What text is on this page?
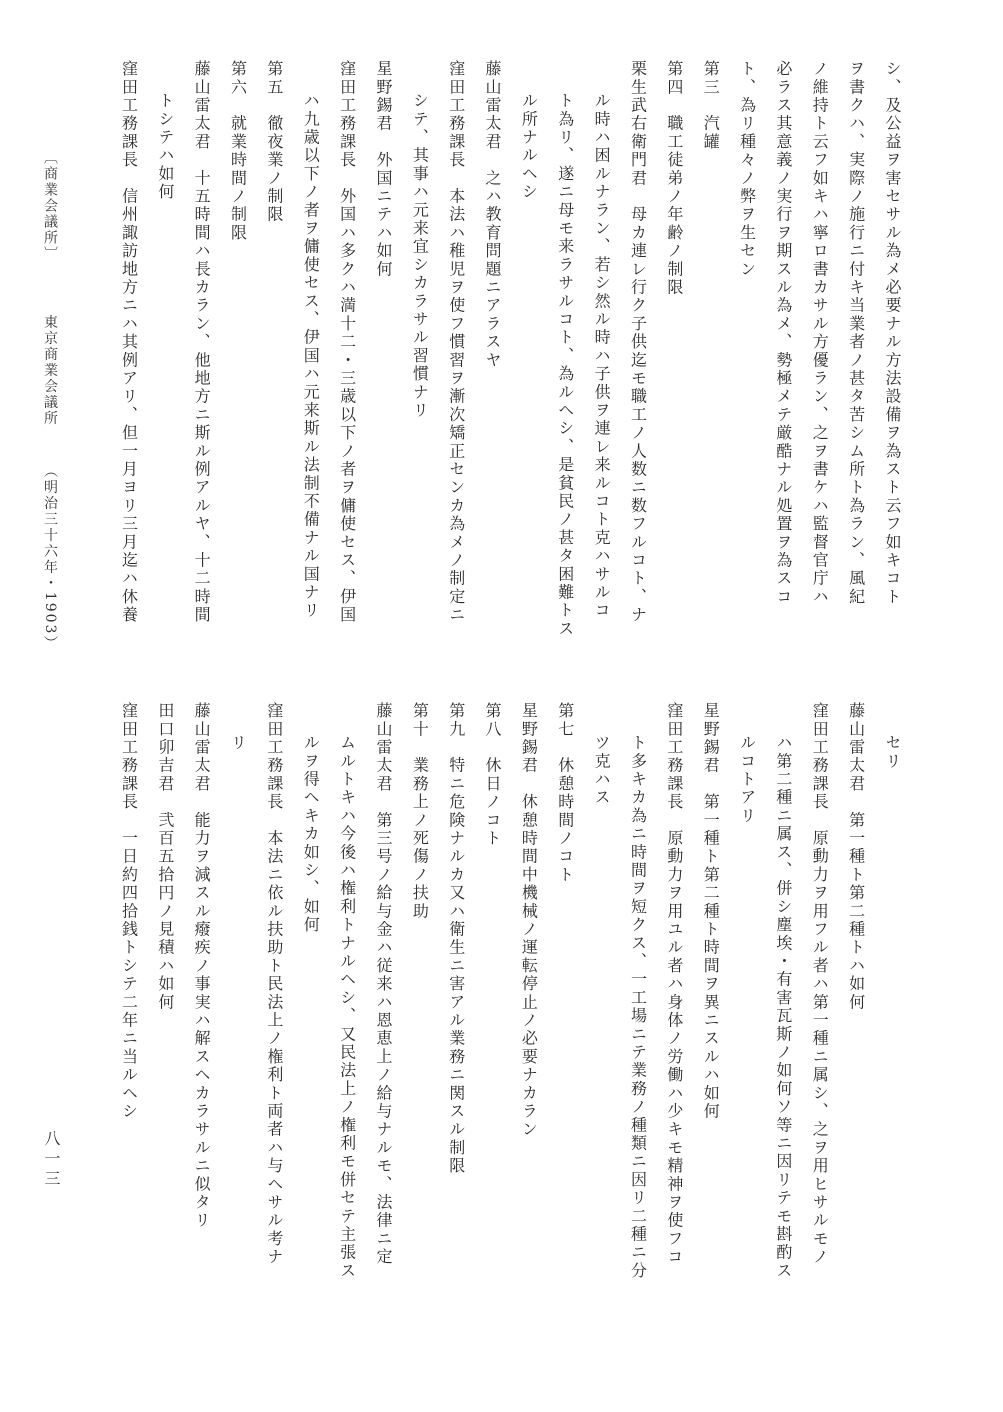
シ、及公益ヲ害セサル為メ必要ナル方法設備ヲ為スト云フ如キコト
ヲ書クハ、実際ノ施行ニ付キ当業者ノ甚タ苦シム所ト為ラン、風紀
ノ維持ト云フ如キハ寧ロ書カサル方優ラン、之ヲ書ケハ監督官庁ハ
必ラス其意義ノ実行ヲ期スル為メ、勢極メテ厳酷ナル処置ヲ為スコ
ト、為リ種々ノ弊ヲ生セン
第三　汽罐
第四　職工徒弟ノ年齢ノ制限
栗生武右衛門君　母カ連レ行ク子供迄モ職工ノ人数ニ数フルコト、ナ
ル時ハ困ルナラン、若シ然ル時ハ子供ヲ連レ来ルコト克ハサルコ
ト為リ、遂ニ母モ来ラサルコト、為ルヘシ、是貧民ノ甚タ困難トス
ル所ナルヘシ
藤山雷太君　之ハ教育問題ニアラスヤ
窪田工務課長　本法ハ稚児ヲ使フ慣習ヲ漸次矯正センカ為メノ制定ニ
シテ、其事ハ元来宜シカラサル習慣ナリ
星野錫君　外国ニテハ如何
窪田工務課長　外国ハ多クハ満十二・三歳以下ノ者ヲ傭使セス、伊国
ハ九歳以下ノ者ヲ傭使セス、伊国ハ元来斯ル法制不備ナル国ナリ
第五　徹夜業ノ制限
第六　就業時間ノ制限
藤山雷太君　十五時間ハ長カラン、他地方ニ斯ル例アルヤ、十二時間
トシテハ如何
窪田工務課長　信州諏訪地方ニハ其例アリ、但一月ヨリ三月迄ハ休養
セリ
藤山雷太君　第一種ト第二種トハ如何
窪田工務課長　原動力ヲ用フル者ハ第一種ニ属シ、之ヲ用ヒサルモノ
ハ第二種ニ属ス、併シ塵埃・有害瓦斯ノ如何ソ等ニ因リテモ斟酌ス
ルコトアリ
星野錫君　第一種ト第二種ト時間ヲ異ニスルハ如何
窪田工務課長　原動力ヲ用ユル者ハ身体ノ労働ハ少キモ精神ヲ使フコ
ト多キカ為ニ時間ヲ短クス、一工場ニテ業務ノ種類ニ因リ二種ニ分
ツ克ハス
第七　休憩時間ノコト
星野錫君　休憩時間中機械ノ運転停止ノ必要ナカラン
第八　休日ノコト
第九　特ニ危険ナルカ又ハ衛生ニ害アル業務ニ関スル制限
第十　業務上ノ死傷ノ扶助
藤山雷太君　第三号ノ給与金ハ従来ハ恩恵上ノ給与ナルモ、法律ニ定
ムルトキハ今後ハ権利トナルヘシ、又民法上ノ権利モ併セテ主張ス
ルヲ得ヘキカ如シ、如何
窪田工務課長　本法ニ依ル扶助ト民法上ノ権利ト両者ハ与ヘサル考ナ
リ
藤山雷太君　能力ヲ減スル癈疾ノ事実ハ解スヘカラサルニ似タリ
田口卯吉君　弐百五拾円ノ見積ハ如何
窪田工務課長　一日約四拾銭トシテ二年ニ当ルヘシ
〔商業会議所〕  東京商業会議所  （明治三十六年・1903）
八一三
